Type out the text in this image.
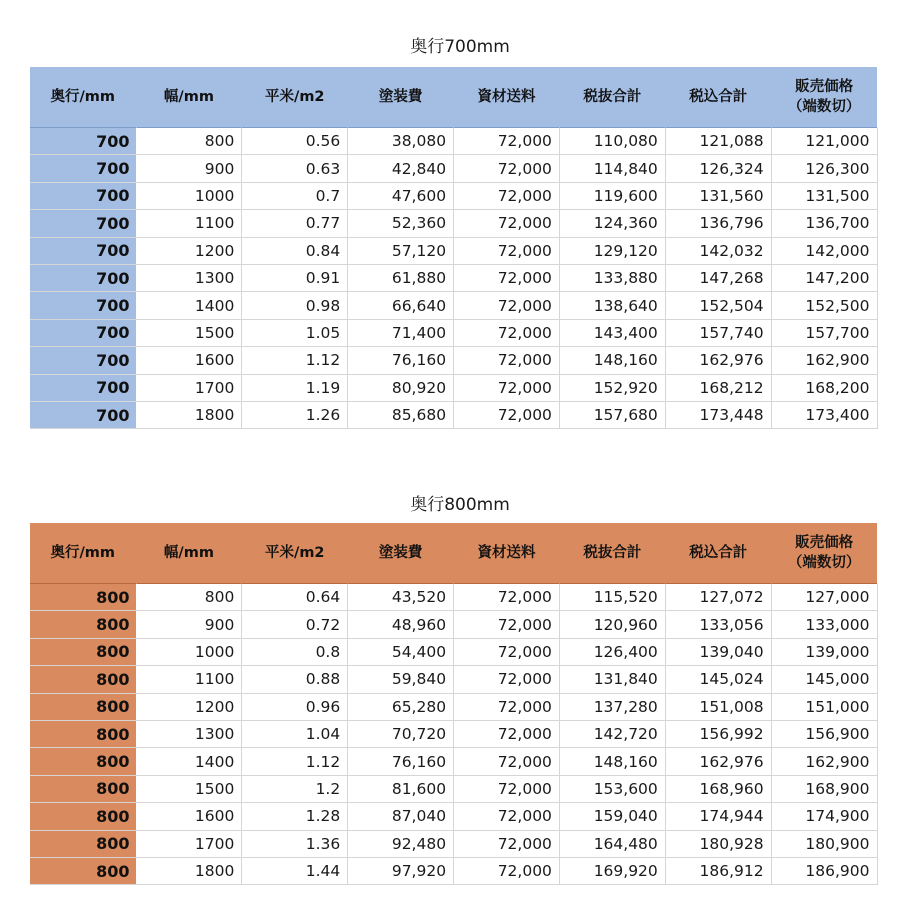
奥行700mm
奥行/mm	幅/mm	平米/m2	塗装費	資材送料	税抜合計	税込合計	販売価格
（端数切）
700	800	0.56	38,080	72,000	110,080	121,088	121,000
700	900	0.63	42,840	72,000	114,840	126,324	126,300
700	1000	0.7	47,600	72,000	119,600	131,560	131,500
700	1100	0.77	52,360	72,000	124,360	136,796	136,700
700	1200	0.84	57,120	72,000	129,120	142,032	142,000
700	1300	0.91	61,880	72,000	133,880	147,268	147,200
700	1400	0.98	66,640	72,000	138,640	152,504	152,500
700	1500	1.05	71,400	72,000	143,400	157,740	157,700
700	1600	1.12	76,160	72,000	148,160	162,976	162,900
700	1700	1.19	80,920	72,000	152,920	168,212	168,200
700	1800	1.26	85,680	72,000	157,680	173,448	173,400
奥行800mm
奥行/mm	幅/mm	平米/m2	塗装費	資材送料	税抜合計	税込合計	販売価格
（端数切）
800	800	0.64	43,520	72,000	115,520	127,072	127,000
800	900	0.72	48,960	72,000	120,960	133,056	133,000
800	1000	0.8	54,400	72,000	126,400	139,040	139,000
800	1100	0.88	59,840	72,000	131,840	145,024	145,000
800	1200	0.96	65,280	72,000	137,280	151,008	151,000
800	1300	1.04	70,720	72,000	142,720	156,992	156,900
800	1400	1.12	76,160	72,000	148,160	162,976	162,900
800	1500	1.2	81,600	72,000	153,600	168,960	168,900
800	1600	1.28	87,040	72,000	159,040	174,944	174,900
800	1700	1.36	92,480	72,000	164,480	180,928	180,900
800	1800	1.44	97,920	72,000	169,920	186,912	186,900
